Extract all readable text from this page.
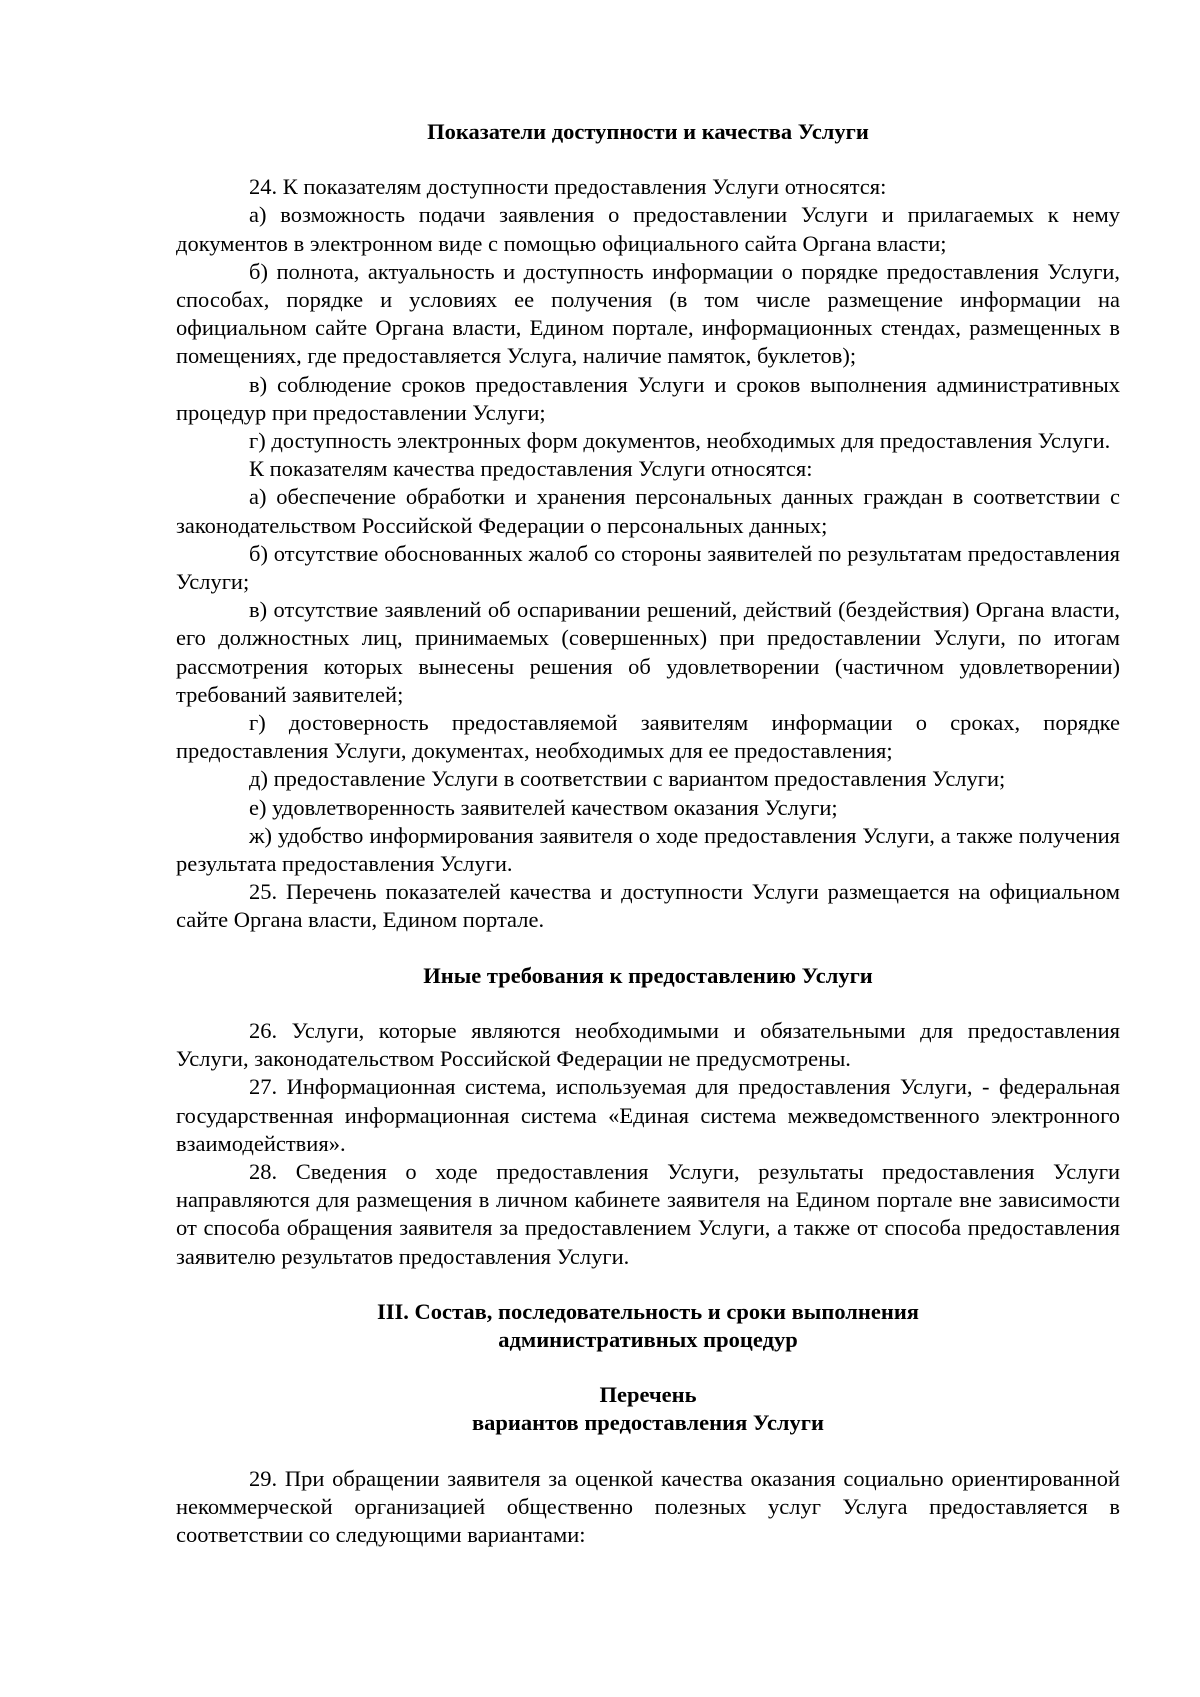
Показатели доступности и качества Услуги

24. К показателям доступности предоставления Услуги относятся:

а) возможность подачи заявления о предоставлении Услуги и прилагаемых к нему документов в электронном виде с помощью официального сайта Органа власти;

б) полнота, актуальность и доступность информации о порядке предоставления Услуги, способах, порядке и условиях ее получения (в том числе размещение информации на официальном сайте Органа власти, Едином портале, информационных стендах, размещенных в помещениях, где предоставляется Услуга, наличие памяток, буклетов);

в) соблюдение сроков предоставления Услуги и сроков выполнения административных процедур при предоставлении Услуги;

г) доступность электронных форм документов, необходимых для предоставления Услуги.

К показателям качества предоставления Услуги относятся:

а) обеспечение обработки и хранения персональных данных граждан в соответствии с законодательством Российской Федерации о персональных данных;

б) отсутствие обоснованных жалоб со стороны заявителей по результатам предоставления Услуги;

в) отсутствие заявлений об оспаривании решений, действий (бездействия) Органа власти, его должностных лиц, принимаемых (совершенных) при предоставлении Услуги, по итогам рассмотрения которых вынесены решения об удовлетворении (частичном удовлетворении) требований заявителей;

г) достоверность предоставляемой заявителям информации о сроках, порядке предоставления Услуги, документах, необходимых для ее предоставления;

д) предоставление Услуги в соответствии с вариантом предоставления Услуги;

е) удовлетворенность заявителей качеством оказания Услуги;

ж) удобство информирования заявителя о ходе предоставления Услуги, а также получения результата предоставления Услуги.

25. Перечень показателей качества и доступности Услуги размещается на официальном сайте Органа власти, Едином портале.

Иные требования к предоставлению Услуги

26. Услуги, которые являются необходимыми и обязательными для предоставления Услуги, законодательством Российской Федерации не предусмотрены.

27. Информационная система, используемая для предоставления Услуги, - федеральная государственная информационная система «Единая система межведомственного электронного взаимодействия».

28. Сведения о ходе предоставления Услуги, результаты предоставления Услуги направляются для размещения в личном кабинете заявителя на Едином портале вне зависимости от способа обращения заявителя за предоставлением Услуги, а также от способа предоставления заявителю результатов предоставления Услуги.

III. Состав, последовательность и сроки выполнения

административных процедур

Перечень

вариантов предоставления Услуги

29. При обращении заявителя за оценкой качества оказания социально ориентированной некоммерческой организацией общественно полезных услуг Услуга предоставляется в соответствии со следующими вариантами:
